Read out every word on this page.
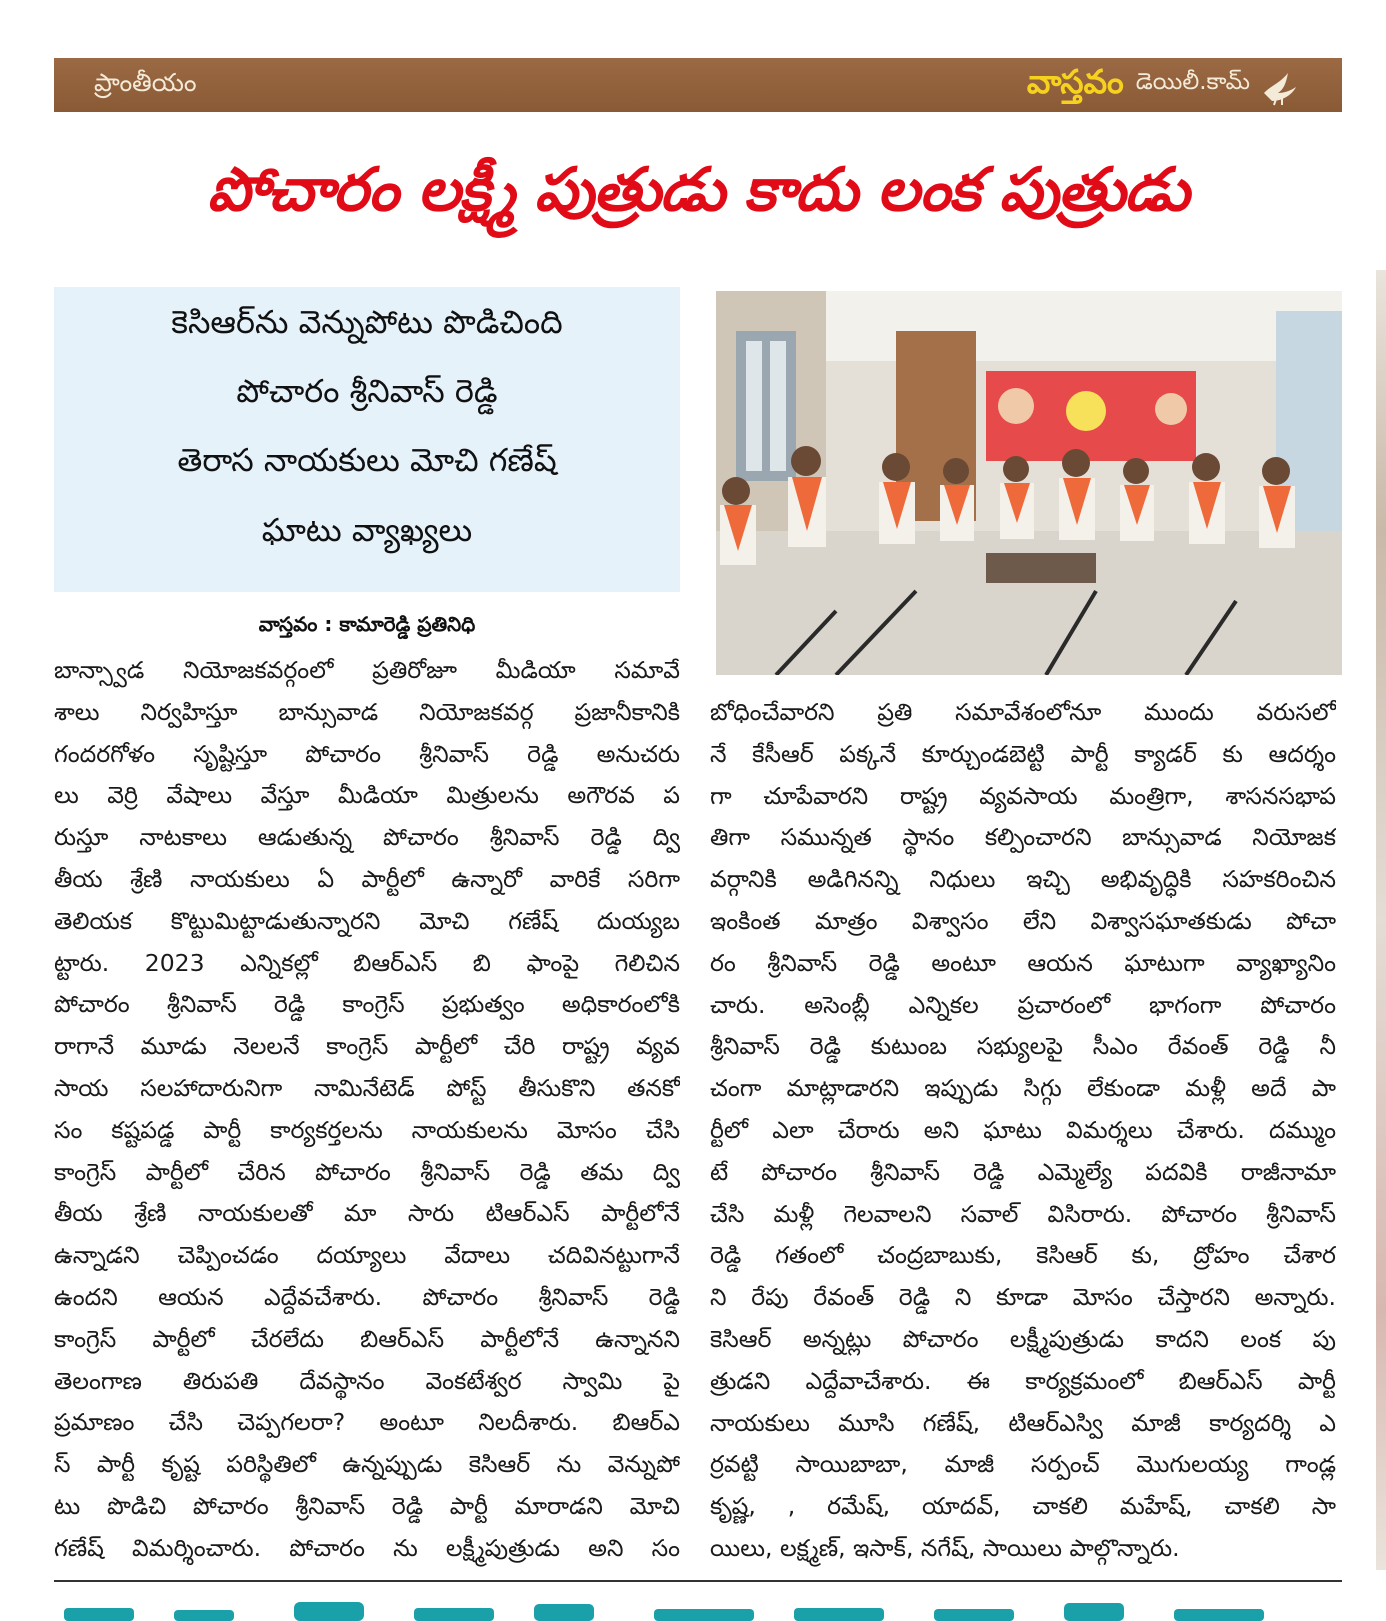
ప్రాంతీయం	వాస్తవం డెయిలీ.కామ్
పోచారం లక్ష్మీ పుత్రుడు కాదు లంక పుత్రుడు
కెసిఆర్‌ను వెన్నుపోటు పొడిచింది
పోచారం శ్రీనివాస్ రెడ్డి
తెరాస నాయకులు మోచి గణేష్
ఘాటు వ్యాఖ్యలు
వాస్తవం : కామారెడ్డి ప్రతినిధి

బాన్స్వాడ నియోజకవర్గంలో ప్రతిరోజూ మీడియా సమావే

శాలు నిర్వహిస్తూ బాన్సువాడ నియోజకవర్గ ప్రజానీకానికి

గందరగోళం సృష్టిస్తూ పోచారం శ్రీనివాస్ రెడ్డి అనుచరు

లు వెర్రి వేషాలు వేస్తూ మీడియా మిత్రులను అగౌరవ ప

రుస్తూ నాటకాలు ఆడుతున్న పోచారం శ్రీనివాస్ రెడ్డి ద్వి

తీయ శ్రేణి నాయకులు ఏ పార్టీలో ఉన్నారో వారికే సరిగా

తెలియక కొట్టుమిట్టాడుతున్నారని మోచి గణేష్ దుయ్యబ

ట్టారు. 2023 ఎన్నికల్లో బిఆర్ఎస్ బి ఫాంపై గెలిచిన

పోచారం శ్రీనివాస్ రెడ్డి కాంగ్రెస్ ప్రభుత్వం అధికారంలోకి

రాగానే మూడు నెలలనే కాంగ్రెస్ పార్టీలో చేరి రాష్ట్ర వ్యవ

సాయ సలహాదారునిగా నామినేటెడ్ పోస్ట్ తీసుకొని తనకో

సం కష్టపడ్డ పార్టీ కార్యకర్తలను నాయకులను మోసం చేసి

కాంగ్రెస్ పార్టీలో చేరిన పోచారం శ్రీనివాస్ రెడ్డి తమ ద్వి

తీయ శ్రేణి నాయకులతో మా సారు టిఆర్ఎస్ పార్టీలోనే

ఉన్నాడని చెప్పించడం దయ్యాలు వేదాలు చదివినట్టుగానే

ఉందని ఆయన ఎద్దేవచేశారు. పోచారం శ్రీనివాస్ రెడ్డి

కాంగ్రెస్ పార్టీలో చేరలేదు బిఆర్ఎస్ పార్టీలోనే ఉన్నానని

తెలంగాణ తిరుపతి దేవస్థానం వెంకటేశ్వర స్వామి పై

ప్రమాణం చేసి చెప్పగలరా? అంటూ నిలదీశారు. బిఆర్ఎ

స్ పార్టీ కృష్ట పరిస్థితిలో ఉన్నప్పుడు కెసిఆర్ ను వెన్నుపో

టు పొడిచి పోచారం శ్రీనివాస్ రెడ్డి పార్టీ మారాడని మోచి

గణేష్ విమర్శించారు. పోచారం ను లక్ష్మీపుత్రుడు అని సం

బోధించేవారని ప్రతి సమావేశంలోనూ ముందు వరుసలో

నే కేసీఆర్ పక్కనే కూర్చుండబెట్టి పార్టీ క్యాడర్ కు ఆదర్శం

గా చూపేవారని రాష్ట్ర వ్యవసాయ మంత్రిగా, శాసనసభాప

తిగా సమున్నత స్థానం కల్పించారని బాన్సువాడ నియోజక

వర్గానికి అడిగినన్ని నిధులు ఇచ్చి అభివృద్ధికి సహకరించిన

ఇంకింత మాత్రం విశ్వాసం లేని విశ్వాసఘాతకుడు పోచా

రం శ్రీనివాస్ రెడ్డి అంటూ ఆయన ఘాటుగా వ్యాఖ్యానిం

చారు. అసెంబ్లీ ఎన్నికల ప్రచారంలో భాగంగా పోచారం

శ్రీనివాస్ రెడ్డి కుటుంబ సభ్యులపై సీఎం రేవంత్ రెడ్డి నీ

చంగా మాట్లాడారని ఇప్పుడు సిగ్గు లేకుండా మళ్లీ అదే పా

ర్టీలో ఎలా చేరారు అని ఘాటు విమర్శలు చేశారు. దమ్ముం

టే పోచారం శ్రీనివాస్ రెడ్డి ఎమ్మెల్యే పదవికి రాజీనామా

చేసి మళ్లీ గెలవాలని సవాల్ విసిరారు. పోచారం శ్రీనివాస్

రెడ్డి గతంలో చంద్రబాబుకు, కెసిఆర్ కు, ద్రోహం చేశార

ని రేపు రేవంత్ రెడ్డి ని కూడా మోసం చేస్తారని అన్నారు.

కెసిఆర్ అన్నట్లు పోచారం లక్ష్మీపుత్రుడు కాదని లంక పు

త్రుడని ఎద్దేవాచేశారు. ఈ కార్యక్రమంలో బిఆర్ఎస్ పార్టీ

నాయకులు మూసి గణేష్, టిఆర్ఎస్వి మాజీ కార్యదర్శి ఎ

ర్రవట్టి సాయిబాబా, మాజీ సర్పంచ్ మొగులయ్య గాండ్ల

కృష్ణ, , రమేష్, యాదవ్, చాకలి మహేష్, చాకలి సా

యిలు, లక్ష్మణ్, ఇసాక్, నగేష్, సాయిలు పాల్గొన్నారు.
